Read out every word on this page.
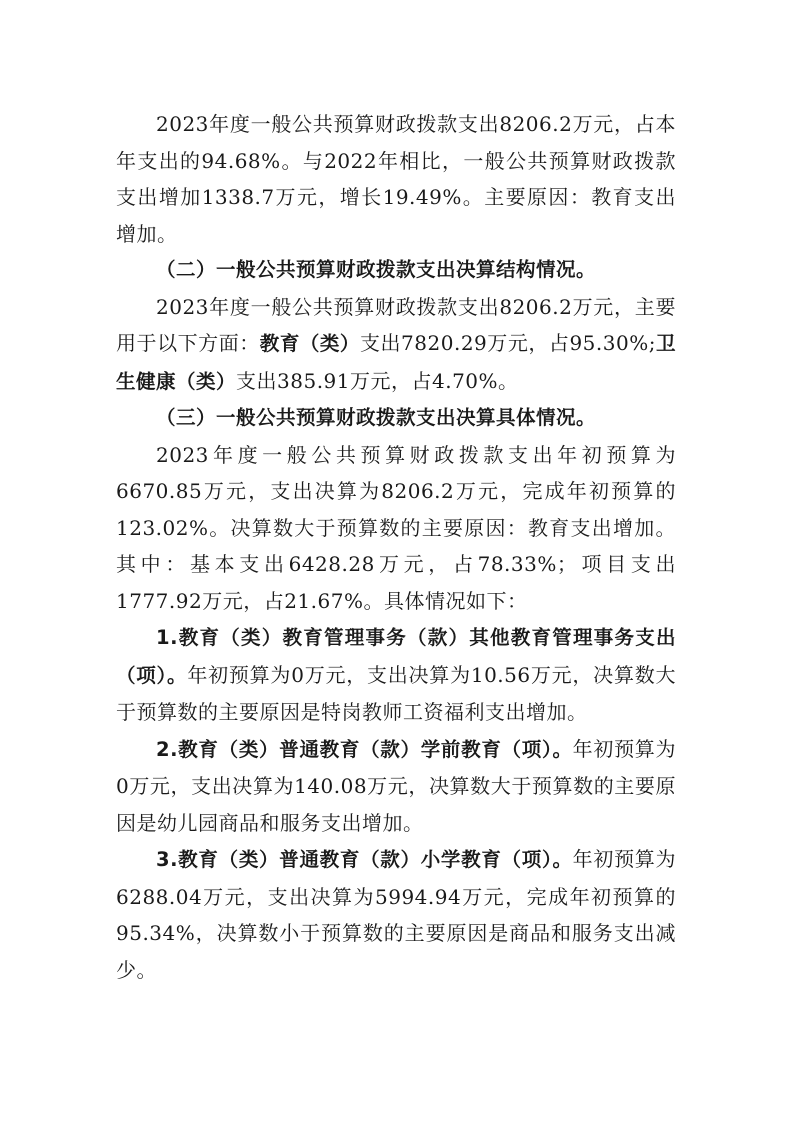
2023年度一般公共预算财政拨款支出8206.2万元，占本年支出的94.68%。与2022年相比，一般公共预算财政拨款支出增加1338.7万元，增长19.49%。主要原因：教育支出增加。

（二）一般公共预算财政拨款支出决算结构情况。

2023年度一般公共预算财政拨款支出8206.2万元，主要用于以下方面：教育（类）支出7820.29万元，占95.30%;卫生健康（类）支出385.91万元，占4.70%。

（三）一般公共预算财政拨款支出决算具体情况。

2023年度一般公共预算财政拨款支出年初预算为6670.85万元，支出决算为8206.2万元，完成年初预算的123.02%。决算数大于预算数的主要原因：教育支出增加。其中：基本支出6428.28万元，占78.33%；项目支出1777.92万元，占21.67%。具体情况如下：

1.教育（类）教育管理事务（款）其他教育管理事务支出（项）。年初预算为0万元，支出决算为10.56万元，决算数大于预算数的主要原因是特岗教师工资福利支出增加。

2.教育（类）普通教育（款）学前教育（项）。年初预算为0万元，支出决算为140.08万元，决算数大于预算数的主要原因是幼儿园商品和服务支出增加。

3.教育（类）普通教育（款）小学教育（项）。年初预算为6288.04万元，支出决算为5994.94万元，完成年初预算的95.34%，决算数小于预算数的主要原因是商品和服务支出减少。
